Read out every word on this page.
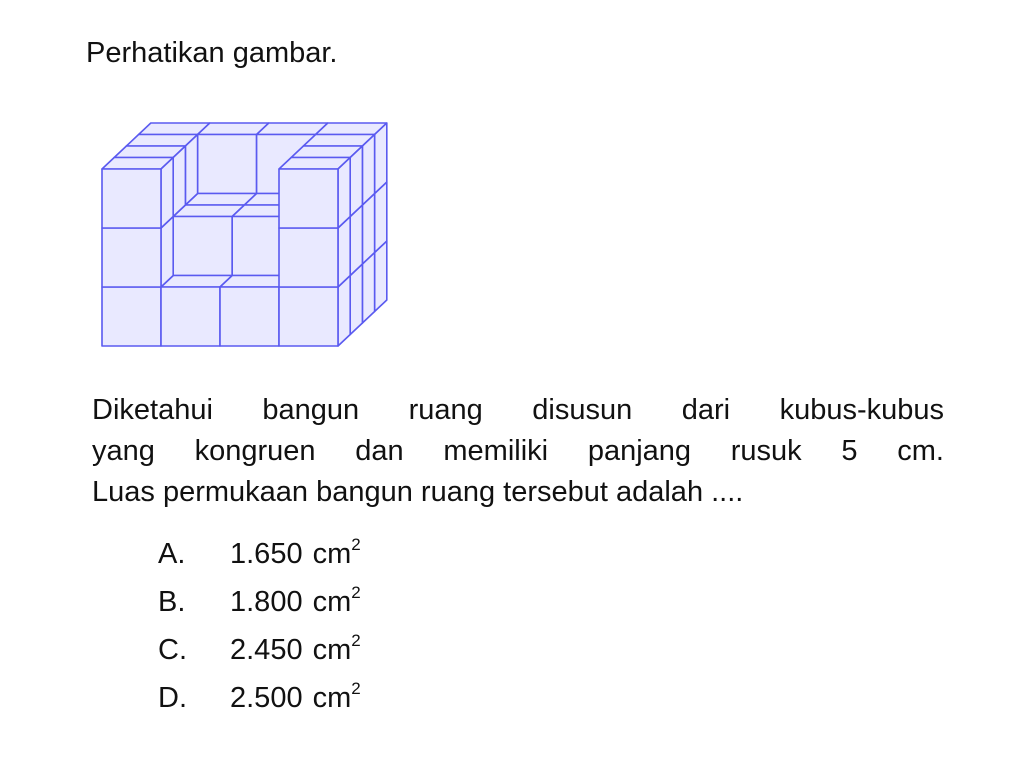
Perhatikan gambar.
Diketahui bangun ruang disusun dari kubus-kubus
yang kongruen dan memiliki panjang rusuk 5 cm.
Luas permukaan bangun ruang tersebut adalah ....
A.	1.650 $cm^2$
B.	1.800 $cm^2$
C.	2.450 $cm^2$
D.	2.500 $cm^2$
